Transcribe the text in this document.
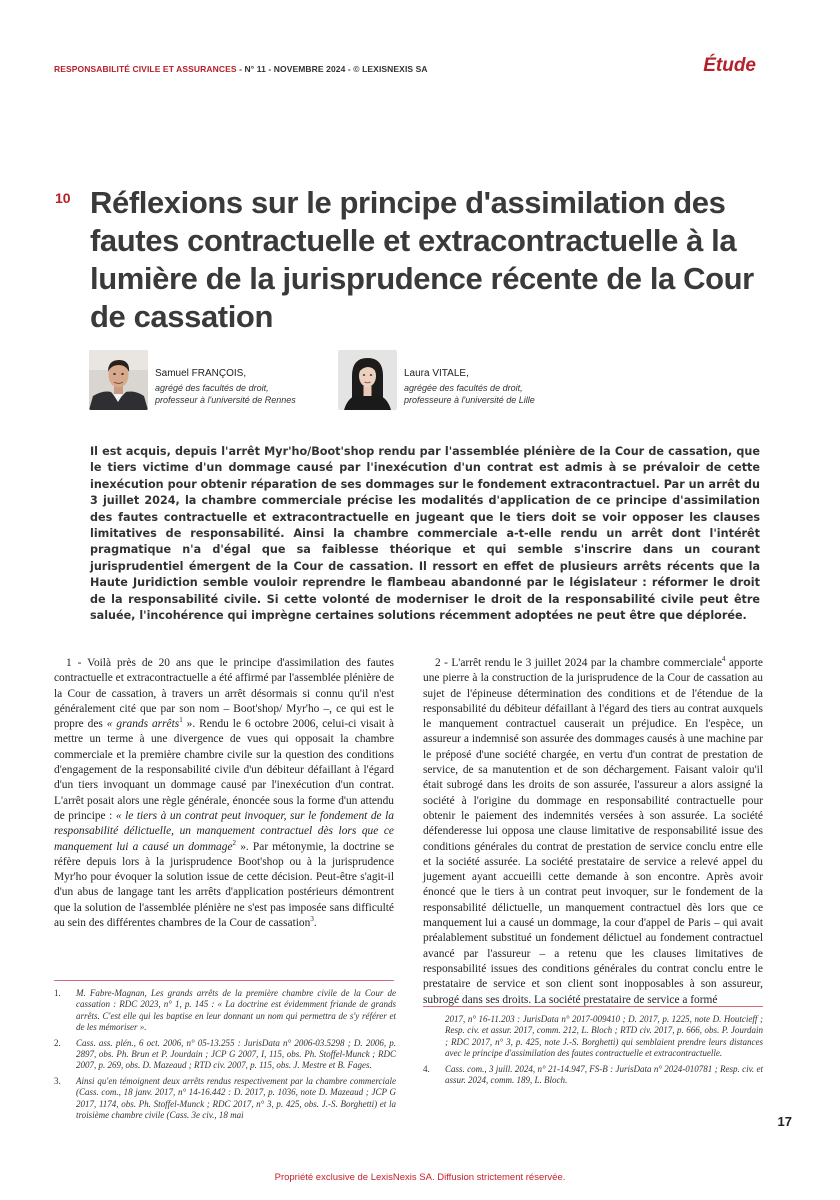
RESPONSABILITÉ CIVILE ET ASSURANCES - N° 11 - NOVEMBRE 2024 - © LEXISNEXIS SA	Étude
10 Réflexions sur le principe d'assimilation des fautes contractuelle et extracontractuelle à la lumière de la jurisprudence récente de la Cour de cassation
Samuel FRANÇOIS,
agrégé des facultés de droit,
professeur à l'université de Rennes
Laura VITALE,
agrégée des facultés de droit,
professeure à l'université de Lille
Il est acquis, depuis l'arrêt Myr'ho/Boot'shop rendu par l'assemblée plénière de la Cour de cassation, que le tiers victime d'un dommage causé par l'inexécution d'un contrat est admis à se prévaloir de cette inexécution pour obtenir réparation de ses dommages sur le fondement extracontractuel. Par un arrêt du 3 juillet 2024, la chambre commerciale précise les modalités d'application de ce principe d'assimilation des fautes contractuelle et extracontractuelle en jugeant que le tiers doit se voir opposer les clauses limitatives de responsabilité. Ainsi la chambre commerciale a-t-elle rendu un arrêt dont l'intérêt pragmatique n'a d'égal que sa faiblesse théorique et qui semble s'inscrire dans un courant jurisprudentiel émergent de la Cour de cassation. Il ressort en effet de plusieurs arrêts récents que la Haute Juridiction semble vouloir reprendre le flambeau abandonné par le législateur : réformer le droit de la responsabilité civile. Si cette volonté de moderniser le droit de la responsabilité civile peut être saluée, l'incohérence qui imprègne certaines solutions récemment adoptées ne peut être que déplorée.

1 - Voilà près de 20 ans que le principe d'assimilation des fautes contractuelle et extracontractuelle a été affirmé par l'assemblée plénière de la Cour de cassation, à travers un arrêt désormais si connu qu'il n'est généralement cité que par son nom – Boot'shop/ Myr'ho –, ce qui est le propre des « grands arrêts$^1$ ». Rendu le 6 octobre 2006, celui-ci visait à mettre un terme à une divergence de vues qui opposait la chambre commerciale et la première chambre civile sur la question des conditions d'engagement de la responsabilité civile d'un débiteur défaillant à l'égard d'un tiers invoquant un dommage causé par l'inexécution d'un contrat. L'arrêt posait alors une règle générale, énoncée sous la forme d'un attendu de principe : « le tiers à un contrat peut invoquer, sur le fondement de la responsabilité délictuelle, un manquement contractuel dès lors que ce manquement lui a causé un dommage$^2$ ». Par métonymie, la doctrine se réfère depuis lors à la jurisprudence Boot'shop ou à la jurisprudence Myr'ho pour évoquer la solution issue de cette décision. Peut-être s'agit-il d'un abus de langage tant les arrêts d'application postérieurs démontrent que la solution de l'assemblée plénière ne s'est pas imposée sans difficulté au sein des différentes chambres de la Cour de cassation$^3$.

2 - L'arrêt rendu le 3 juillet 2024 par la chambre commerciale$^4$ apporte une pierre à la construction de la jurisprudence de la Cour de cassation au sujet de l'épineuse détermination des conditions et de l'étendue de la responsabilité du débiteur défaillant à l'égard des tiers au contrat auxquels le manquement contractuel causerait un préjudice. En l'espèce, un assureur a indemnisé son assurée des dommages causés à une machine par le préposé d'une société chargée, en vertu d'un contrat de prestation de service, de sa manutention et de son déchargement. Faisant valoir qu'il était subrogé dans les droits de son assurée, l'assureur a alors assigné la société à l'origine du dommage en responsabilité contractuelle pour obtenir le paiement des indemnités versées à son assurée. La société défenderesse lui opposa une clause limitative de responsabilité issue des conditions générales du contrat de prestation de service conclu entre elle et la société assurée. La société prestataire de service a relevé appel du jugement ayant accueilli cette demande à son encontre. Après avoir énoncé que le tiers à un contrat peut invoquer, sur le fondement de la responsabilité délictuelle, un manquement contractuel dès lors que ce manquement lui a causé un dommage, la cour d'appel de Paris – qui avait préalablement substitué un fondement délictuel au fondement contractuel avancé par l'assureur – a retenu que les clauses limitatives de responsabilité issues des conditions générales du contrat conclu entre le prestataire de service et son client sont inopposables à son assureur, subrogé dans ses droits. La société prestataire de service a formé

1.	M. Fabre-Magnan, Les grands arrêts de la première chambre civile de la Cour de cassation : RDC 2023, n° 1, p. 145 : « La doctrine est évidemment friande de grands arrêts. C'est elle qui les baptise en leur donnant un nom qui permettra de s'y référer et de les mémoriser ».
2.	Cass. ass. plén., 6 oct. 2006, n° 05-13.255 : JurisData n° 2006-03.5298 ; D. 2006, p. 2897, obs. Ph. Brun et P. Jourdain ; JCP G 2007, I, 115, obs. Ph. Stoffel-Munck ; RDC 2007, p. 269, obs. D. Mazeaud ; RTD civ. 2007, p. 115, obs. J. Mestre et B. Fages.
3.	Ainsi qu'en témoignent deux arrêts rendus respectivement par la chambre commerciale (Cass. com., 18 janv. 2017, n° 14-16.442 : D. 2017, p. 1036, note D. Mazeaud ; JCP G 2017, 1174, obs. Ph. Stoffel-Munck ; RDC 2017, n° 3, p. 425, obs. J.-S. Borghetti) et la troisième chambre civile (Cass. 3e civ., 18 mai
2017, n° 16-11.203 : JurisData n° 2017-009410 ; D. 2017, p. 1225, note D. Houtcieff ; Resp. civ. et assur. 2017, comm. 212, L. Bloch ; RTD civ. 2017, p. 666, obs. P. Jourdain ; RDC 2017, n° 3, p. 425, note J.-S. Borghetti) qui semblaient prendre leurs distances avec le principe d'assimilation des fautes contractuelle et extracontractuelle.
4.	Cass. com., 3 juill. 2024, n° 21-14.947, FS-B : JurisData n° 2024-010781 ; Resp. civ. et assur. 2024, comm. 189, L. Bloch.
17
Propriété exclusive de LexisNexis SA. Diffusion strictement réservée.
